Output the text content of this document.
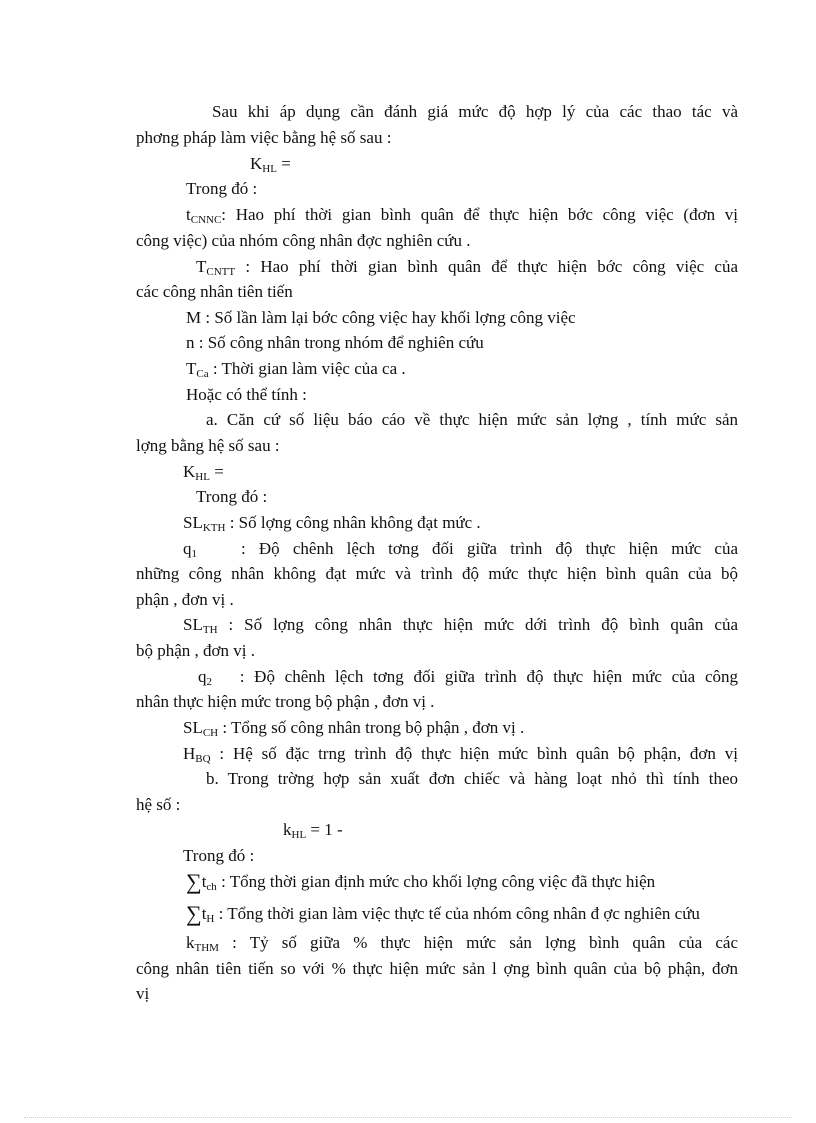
Sau khi áp dụng cần đánh giá mức độ hợp lý của các thao tác và
phơng pháp làm việc bằng hệ số sau :
$K_{HL}$ =
Trong đó :
$t_{CNNC}$: Hao phí thời gian bình quân để thực hiện bớc công việc (đơn vị
công việc) của nhóm công nhân đợc nghiên cứu .
$T_{CNTT}$ : Hao phí thời gian bình quân để thực hiện bớc công việc của
các công nhân tiên tiến
M : Số lần làm lại bớc công việc hay khối lợng công việc
n : Số công nhân trong nhóm để nghiên cứu
$T_{Ca}$ : Thời gian làm việc của ca .
Hoặc có thể tính :
a. Căn cứ số liệu báo cáo về thực hiện mức sản lợng , tính mức sản
lợng bằng hệ số sau :
$K_{HL}$ =
Trong đó :
$SL_{KTH}$ : Số lợng công nhân không đạt mức .
$q_1$	: Độ chênh lệch tơng đối giữa trình độ thực hiện mức của
những công nhân không đạt mức và trình độ mức thực hiện bình quân của bộ
phận , đơn vị .
$SL_{TH}$ : Số lợng công nhân thực hiện mức dới trình độ bình quân của
bộ phận , đơn vị .
$q_2$ : Độ chênh lệch tơng đối giữa trình độ thực hiện mức của công
nhân thực hiện mức trong bộ phận , đơn vị .
$SL_{CH}$ : Tổng số công nhân trong bộ phận , đơn vị .
$H_{BQ}$ : Hệ số đặc trng trình độ thực hiện mức bình quân bộ phận, đơn vị
b. Trong trờng hợp sản xuất đơn chiếc và hàng loạt nhỏ thì tính theo
hệ số :
$k_{HL} = 1$ -
Trong đó :
$\sum t_{ch}$ : Tổng thời gian định mức cho khối lợng công việc đã thực hiện
$\sum t_H$ : Tổng thời gian làm việc thực tế của nhóm công nhân đ ợc nghiên cứu
$k_{THM}$ : Tỷ số giữa % thực hiện mức sản lợng bình quân của các
công nhân tiên tiến so với % thực hiện mức sản l ợng bình quân của bộ phận, đơn
vị
